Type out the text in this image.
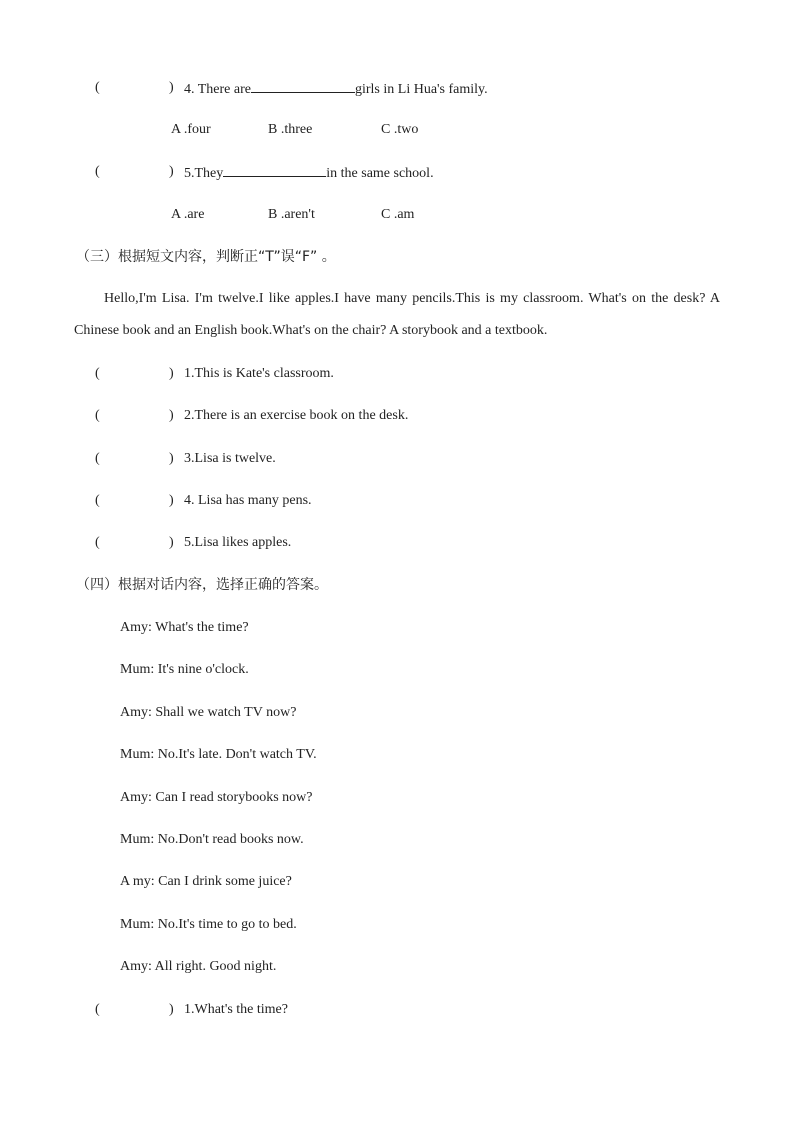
(	) 4. There are	girls in Li Hua's family.
A .four	B .three	C .two
(	) 5.They	in the same school.
A .are	B .aren't	C .am
（三）根据短文内容，判断正“T”误“F” 。
Hello,I'm Lisa. I'm twelve.I like apples.I have many pencils.This is my classroom. What's on the desk? A Chinese book and an English book.What's on the chair? A storybook and a textbook.
(	) 1.This is Kate's classroom.
(	) 2.There is an exercise book on the desk.
(	) 3.Lisa is twelve.
(	) 4. Lisa has many pens.
(	) 5.Lisa likes apples.
（四）根据对话内容，选择正确的答案。
Amy: What's the time?
Mum: It's nine o'clock.
Amy: Shall we watch TV now?
Mum: No.It's late. Don't watch TV.
Amy: Can I read storybooks now?
Mum: No.Don't read books now.
A my: Can I drink some juice?
Mum: No.It's time to go to bed.
Amy: All right. Good night.
(	) 1.What's the time?
